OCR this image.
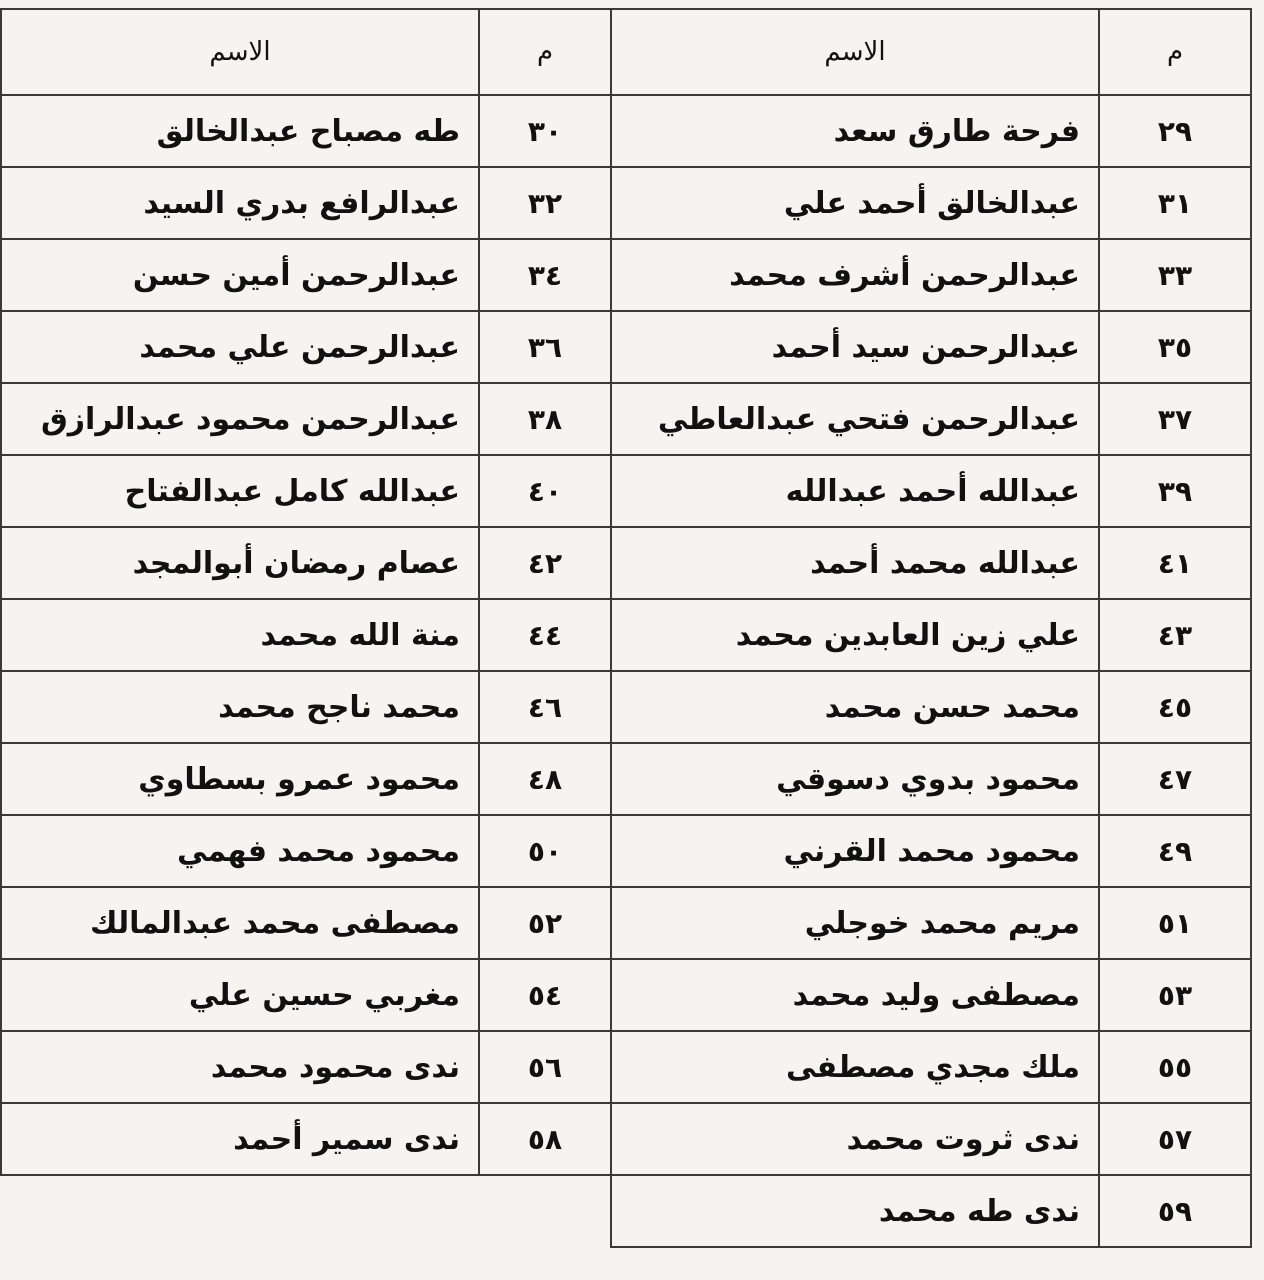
م	الاسم	م	الاسم
٢٩	فرحة طارق سعد	٣٠	طه مصباح عبدالخالق
٣١	عبدالخالق أحمد علي	٣٢	عبدالرافع بدري السيد
٣٣	عبدالرحمن أشرف محمد	٣٤	عبدالرحمن أمين حسن
٣٥	عبدالرحمن سيد أحمد	٣٦	عبدالرحمن علي محمد
٣٧	عبدالرحمن فتحي عبدالعاطي	٣٨	عبدالرحمن محمود عبدالرازق
٣٩	عبدالله أحمد عبدالله	٤٠	عبدالله كامل عبدالفتاح
٤١	عبدالله محمد أحمد	٤٢	عصام رمضان أبوالمجد
٤٣	علي زين العابدين محمد	٤٤	منة الله محمد
٤٥	محمد حسن محمد	٤٦	محمد ناجح محمد
٤٧	محمود بدوي دسوقي	٤٨	محمود عمرو بسطاوي
٤٩	محمود محمد القرني	٥٠	محمود محمد فهمي
٥١	مريم محمد خوجلي	٥٢	مصطفى محمد عبدالمالك
٥٣	مصطفى وليد محمد	٥٤	مغربي حسين علي
٥٥	ملك مجدي مصطفى	٥٦	ندى محمود محمد
٥٧	ندى ثروت محمد	٥٨	ندى سمير أحمد
٥٩	ندى طه محمد		
